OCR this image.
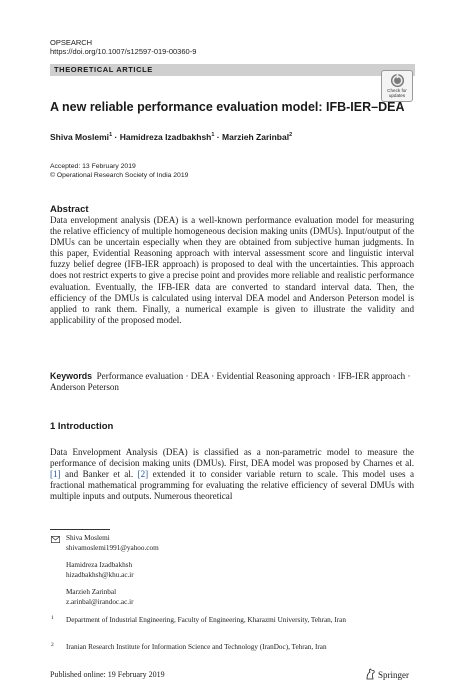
OPSEARCH
https://doi.org/10.1007/s12597-019-00360-9
THEORETICAL ARTICLE
Check for
updates
A new reliable performance evaluation model: IFB-IER–DEA
Shiva Moslemi$^1$ · Hamidreza Izadbakhsh$^1$ · Marzieh Zarinbal$^2$
Accepted: 13 February 2019
© Operational Research Society of India 2019
Abstract
Data envelopment analysis (DEA) is a well-known performance evaluation model for measuring the relative efficiency of multiple homogeneous decision making units (DMUs). Input/output of the DMUs can be uncertain especially when they are obtained from subjective human judgments. In this paper, Evidential Reasoning approach with interval assessment score and linguistic interval fuzzy belief degree (IFB-IER approach) is proposed to deal with the uncertainties. This approach does not restrict experts to give a precise point and provides more reliable and realistic performance evaluation. Eventually, the IFB-IER data are converted to standard interval data. Then, the efficiency of the DMUs is calculated using interval DEA model and Anderson Peterson model is applied to rank them. Finally, a numerical example is given to illustrate the validity and applicability of the proposed model.
Keywords Performance evaluation · DEA · Evidential Reasoning approach · IFB-IER approach · Anderson Peterson
1 Introduction
Data Envelopment Analysis (DEA) is classified as a non-parametric model to measure the performance of decision making units (DMUs). First, DEA model was proposed by Charnes et al. [1] and Banker et al. [2] extended it to consider variable return to scale. This model uses a fractional mathematical programming for evaluating the relative efficiency of several DMUs with multiple inputs and outputs. Numerous theoretical
Shiva Moslemi
shivamoslemi1991@yahoo.com
Hamidreza Izadbakhsh
hizadbakhsh@khu.ac.ir
Marzieh Zarinbal
z.arinbal@irandoc.ac.ir
1 Department of Industrial Engineering, Faculty of Engineering, Kharazmi University, Tehran, Iran
2 Iranian Research Institute for Information Science and Technology (IranDoc), Tehran, Iran
Published online: 19 February 2019	Springer
